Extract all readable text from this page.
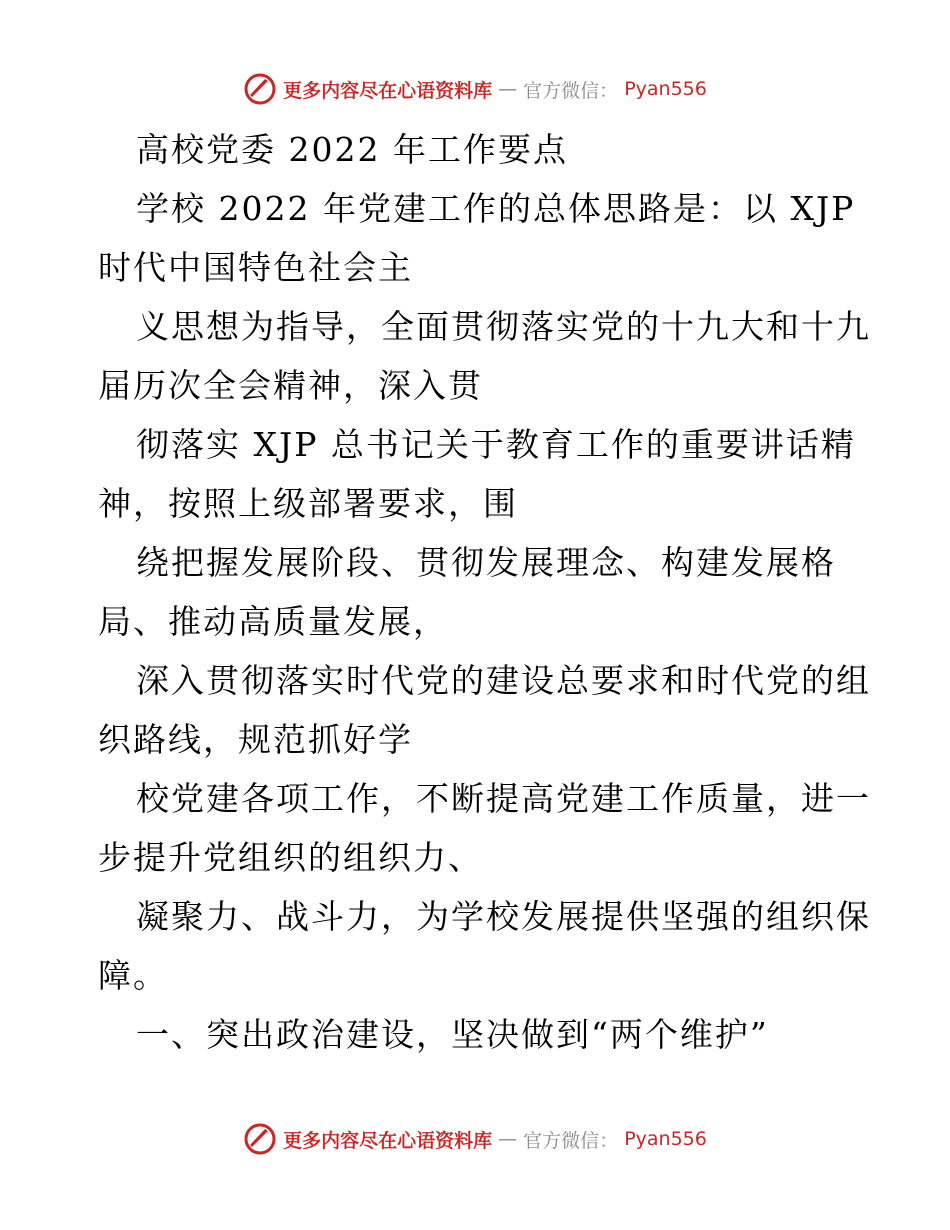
更多内容尽在心语资料库 — 官方微信： Pyan556
高校党委 2022 年工作要点
学校 2022 年党建工作的总体思路是：以 XJP
时代中国特色社会主
义思想为指导，全面贯彻落实党的十九大和十九
届历次全会精神，深入贯
彻落实 XJP 总书记关于教育工作的重要讲话精
神，按照上级部署要求，围
绕把握发展阶段、贯彻发展理念、构建发展格
局、推动高质量发展，
深入贯彻落实时代党的建设总要求和时代党的组
织路线，规范抓好学
校党建各项工作，不断提高党建工作质量，进一
步提升党组织的组织力、
凝聚力、战斗力，为学校发展提供坚强的组织保
障。
一、突出政治建设，坚决做到“两个维护”
更多内容尽在心语资料库 — 官方微信： Pyan556
